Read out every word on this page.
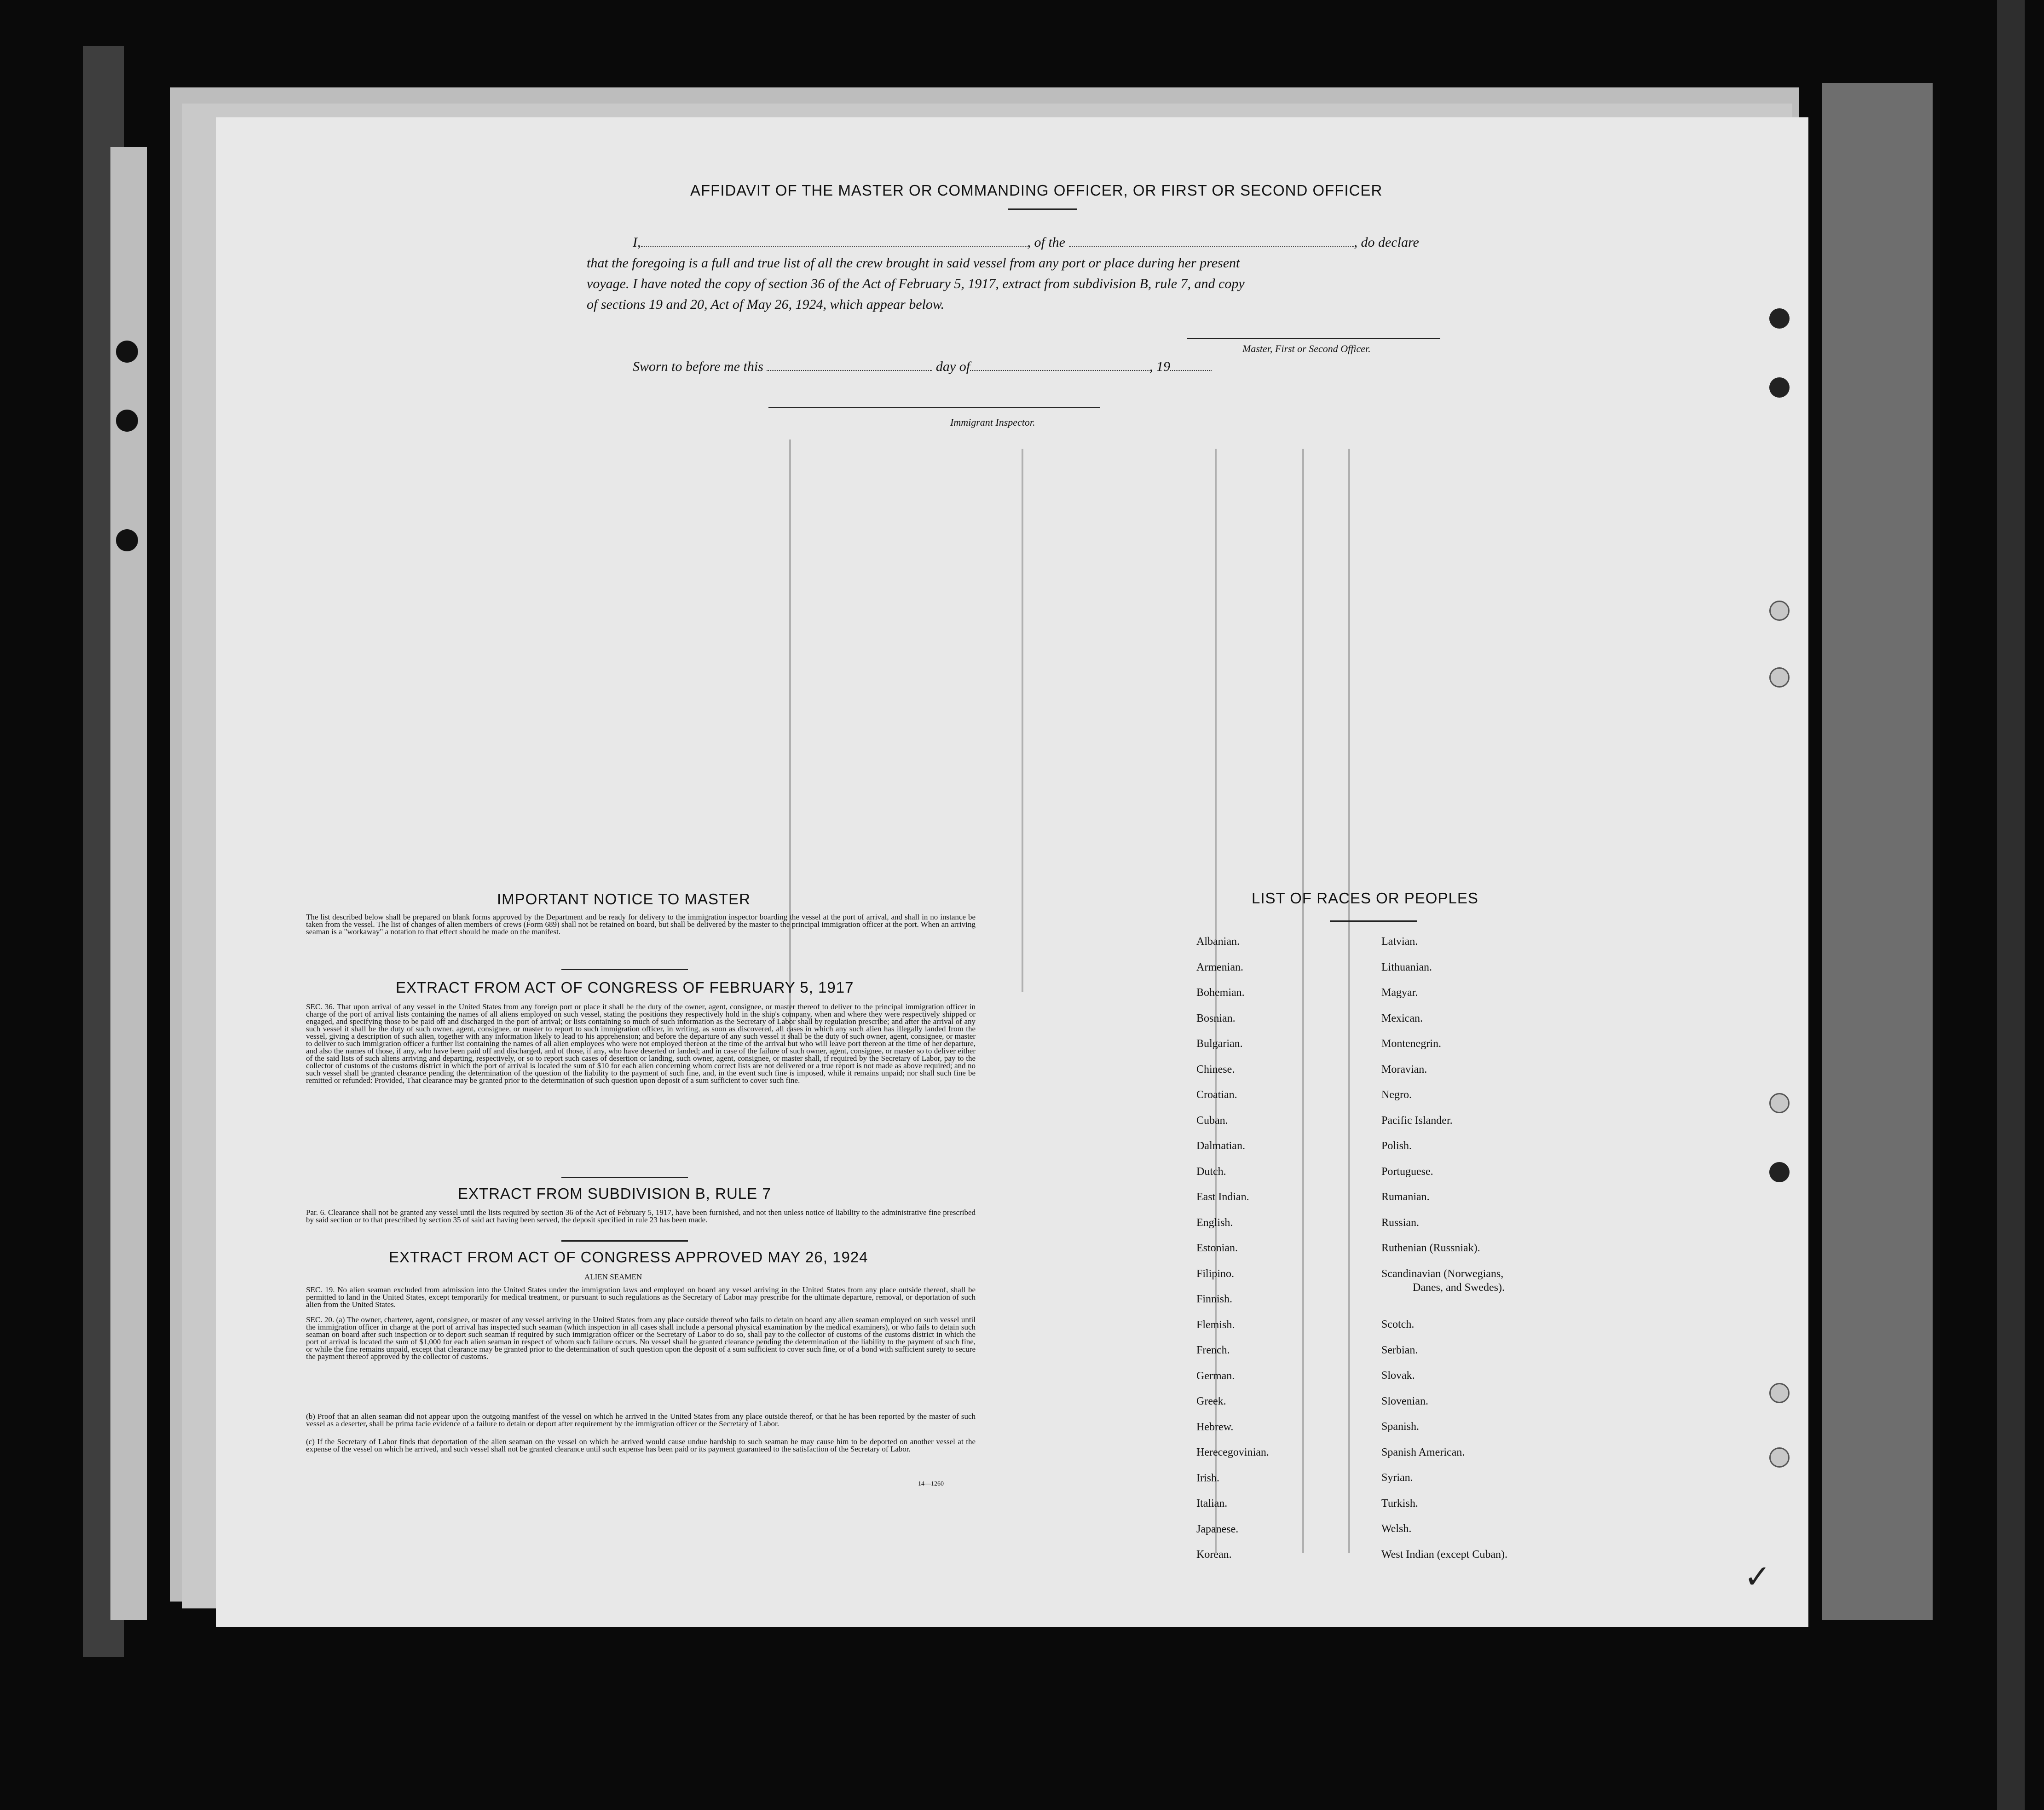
✓
AFFIDAVIT OF THE MASTER OR COMMANDING OFFICER, OR FIRST OR SECOND OFFICER
I,	, of the	, do declare
that the foregoing is a full and true list of all the crew brought in said vessel from any port or place during her present
voyage. I have noted the copy of section 36 of the Act of February 5, 1917, extract from subdivision B, rule 7, and copy
of sections 19 and 20, Act of May 26, 1924, which appear below.
Master, First or Second Officer.
Sworn to before me this	day of	, 19
Immigrant Inspector.
IMPORTANT NOTICE TO MASTER
The list described below shall be prepared on blank forms approved by the Department and be ready for delivery to the immigration inspector boarding the vessel at the port of arrival, and shall in no instance be taken from the vessel. The list of changes of alien members of crews (Form 689) shall not be retained on board, but shall be delivered by the master to the principal immigration officer at the port. When an arriving seaman is a "workaway" a notation to that effect should be made on the manifest.
EXTRACT FROM ACT OF CONGRESS OF FEBRUARY 5, 1917
SEC. 36. That upon arrival of any vessel in the United States from any foreign port or place it shall be the duty of the owner, agent, consignee, or master thereof to deliver to the principal immigration officer in charge of the port of arrival lists containing the names of all aliens employed on such vessel, stating the positions they respectively hold in the ship's company, when and where they were respectively shipped or engaged, and specifying those to be paid off and discharged in the port of arrival; or lists containing so much of such information as the Secretary of Labor shall by regulation prescribe; and after the arrival of any such vessel it shall be the duty of such owner, agent, consignee, or master to report to such immigration officer, in writing, as soon as discovered, all cases in which any such alien has illegally landed from the vessel, giving a description of such alien, together with any information likely to lead to his apprehension; and before the departure of any such vessel it shall be the duty of such owner, agent, consignee, or master to deliver to such immigration officer a further list containing the names of all alien employees who were not employed thereon at the time of the arrival but who will leave port thereon at the time of her departure, and also the names of those, if any, who have been paid off and discharged, and of those, if any, who have deserted or landed; and in case of the failure of such owner, agent, consignee, or master so to deliver either of the said lists of such aliens arriving and departing, respectively, or so to report such cases of desertion or landing, such owner, agent, consignee, or master shall, if required by the Secretary of Labor, pay to the collector of customs of the customs district in which the port of arrival is located the sum of $10 for each alien concerning whom correct lists are not delivered or a true report is not made as above required; and no such vessel shall be granted clearance pending the determination of the question of the liability to the payment of such fine, and, in the event such fine is imposed, while it remains unpaid; nor shall such fine be remitted or refunded: Provided, That clearance may be granted prior to the determination of such question upon deposit of a sum sufficient to cover such fine.
EXTRACT FROM SUBDIVISION B, RULE 7
Par. 6. Clearance shall not be granted any vessel until the lists required by section 36 of the Act of February 5, 1917, have been furnished, and not then unless notice of liability to the administrative fine prescribed by said section or to that prescribed by section 35 of said act having been served, the deposit specified in rule 23 has been made.
EXTRACT FROM ACT OF CONGRESS APPROVED MAY 26, 1924
ALIEN SEAMEN
SEC. 19. No alien seaman excluded from admission into the United States under the immigration laws and employed on board any vessel arriving in the United States from any place outside thereof, shall be permitted to land in the United States, except temporarily for medical treatment, or pursuant to such regulations as the Secretary of Labor may prescribe for the ultimate departure, removal, or deportation of such alien from the United States.
SEC. 20. (a) The owner, charterer, agent, consignee, or master of any vessel arriving in the United States from any place outside thereof who fails to detain on board any alien seaman employed on such vessel until the immigration officer in charge at the port of arrival has inspected such seaman (which inspection in all cases shall include a personal physical examination by the medical examiners), or who fails to detain such seaman on board after such inspection or to deport such seaman if required by such immigration officer or the Secretary of Labor to do so, shall pay to the collector of customs of the customs district in which the port of arrival is located the sum of $1,000 for each alien seaman in respect of whom such failure occurs. No vessel shall be granted clearance pending the determination of the liability to the payment of such fine, or while the fine remains unpaid, except that clearance may be granted prior to the determination of such question upon the deposit of a sum sufficient to cover such fine, or of a bond with sufficient surety to secure the payment thereof approved by the collector of customs.
(b) Proof that an alien seaman did not appear upon the outgoing manifest of the vessel on which he arrived in the United States from any place outside thereof, or that he has been reported by the master of such vessel as a deserter, shall be prima facie evidence of a failure to detain or deport after requirement by the immigration officer or the Secretary of Labor.
(c) If the Secretary of Labor finds that deportation of the alien seaman on the vessel on which he arrived would cause undue hardship to such seaman he may cause him to be deported on another vessel at the expense of the vessel on which he arrived, and such vessel shall not be granted clearance until such expense has been paid or its payment guaranteed to the satisfaction of the Secretary of Labor.
14—1260
LIST OF RACES OR PEOPLES
Albanian.
Armenian.
Bohemian.
Bosnian.
Bulgarian.
Chinese.
Croatian.
Cuban.
Dalmatian.
Dutch.
East Indian.
English.
Estonian.
Filipino.
Finnish.
Flemish.
French.
German.
Greek.
Hebrew.
Herecegovinian.
Irish.
Italian.
Japanese.
Korean.
Latvian.
Lithuanian.
Magyar.
Mexican.
Montenegrin.
Moravian.
Negro.
Pacific Islander.
Polish.
Portuguese.
Rumanian.
Russian.
Ruthenian (Russniak).
Scandinavian (Norwegians,
Danes, and Swedes).
Scotch.
Serbian.
Slovak.
Slovenian.
Spanish.
Spanish American.
Syrian.
Turkish.
Welsh.
West Indian (except Cuban).
